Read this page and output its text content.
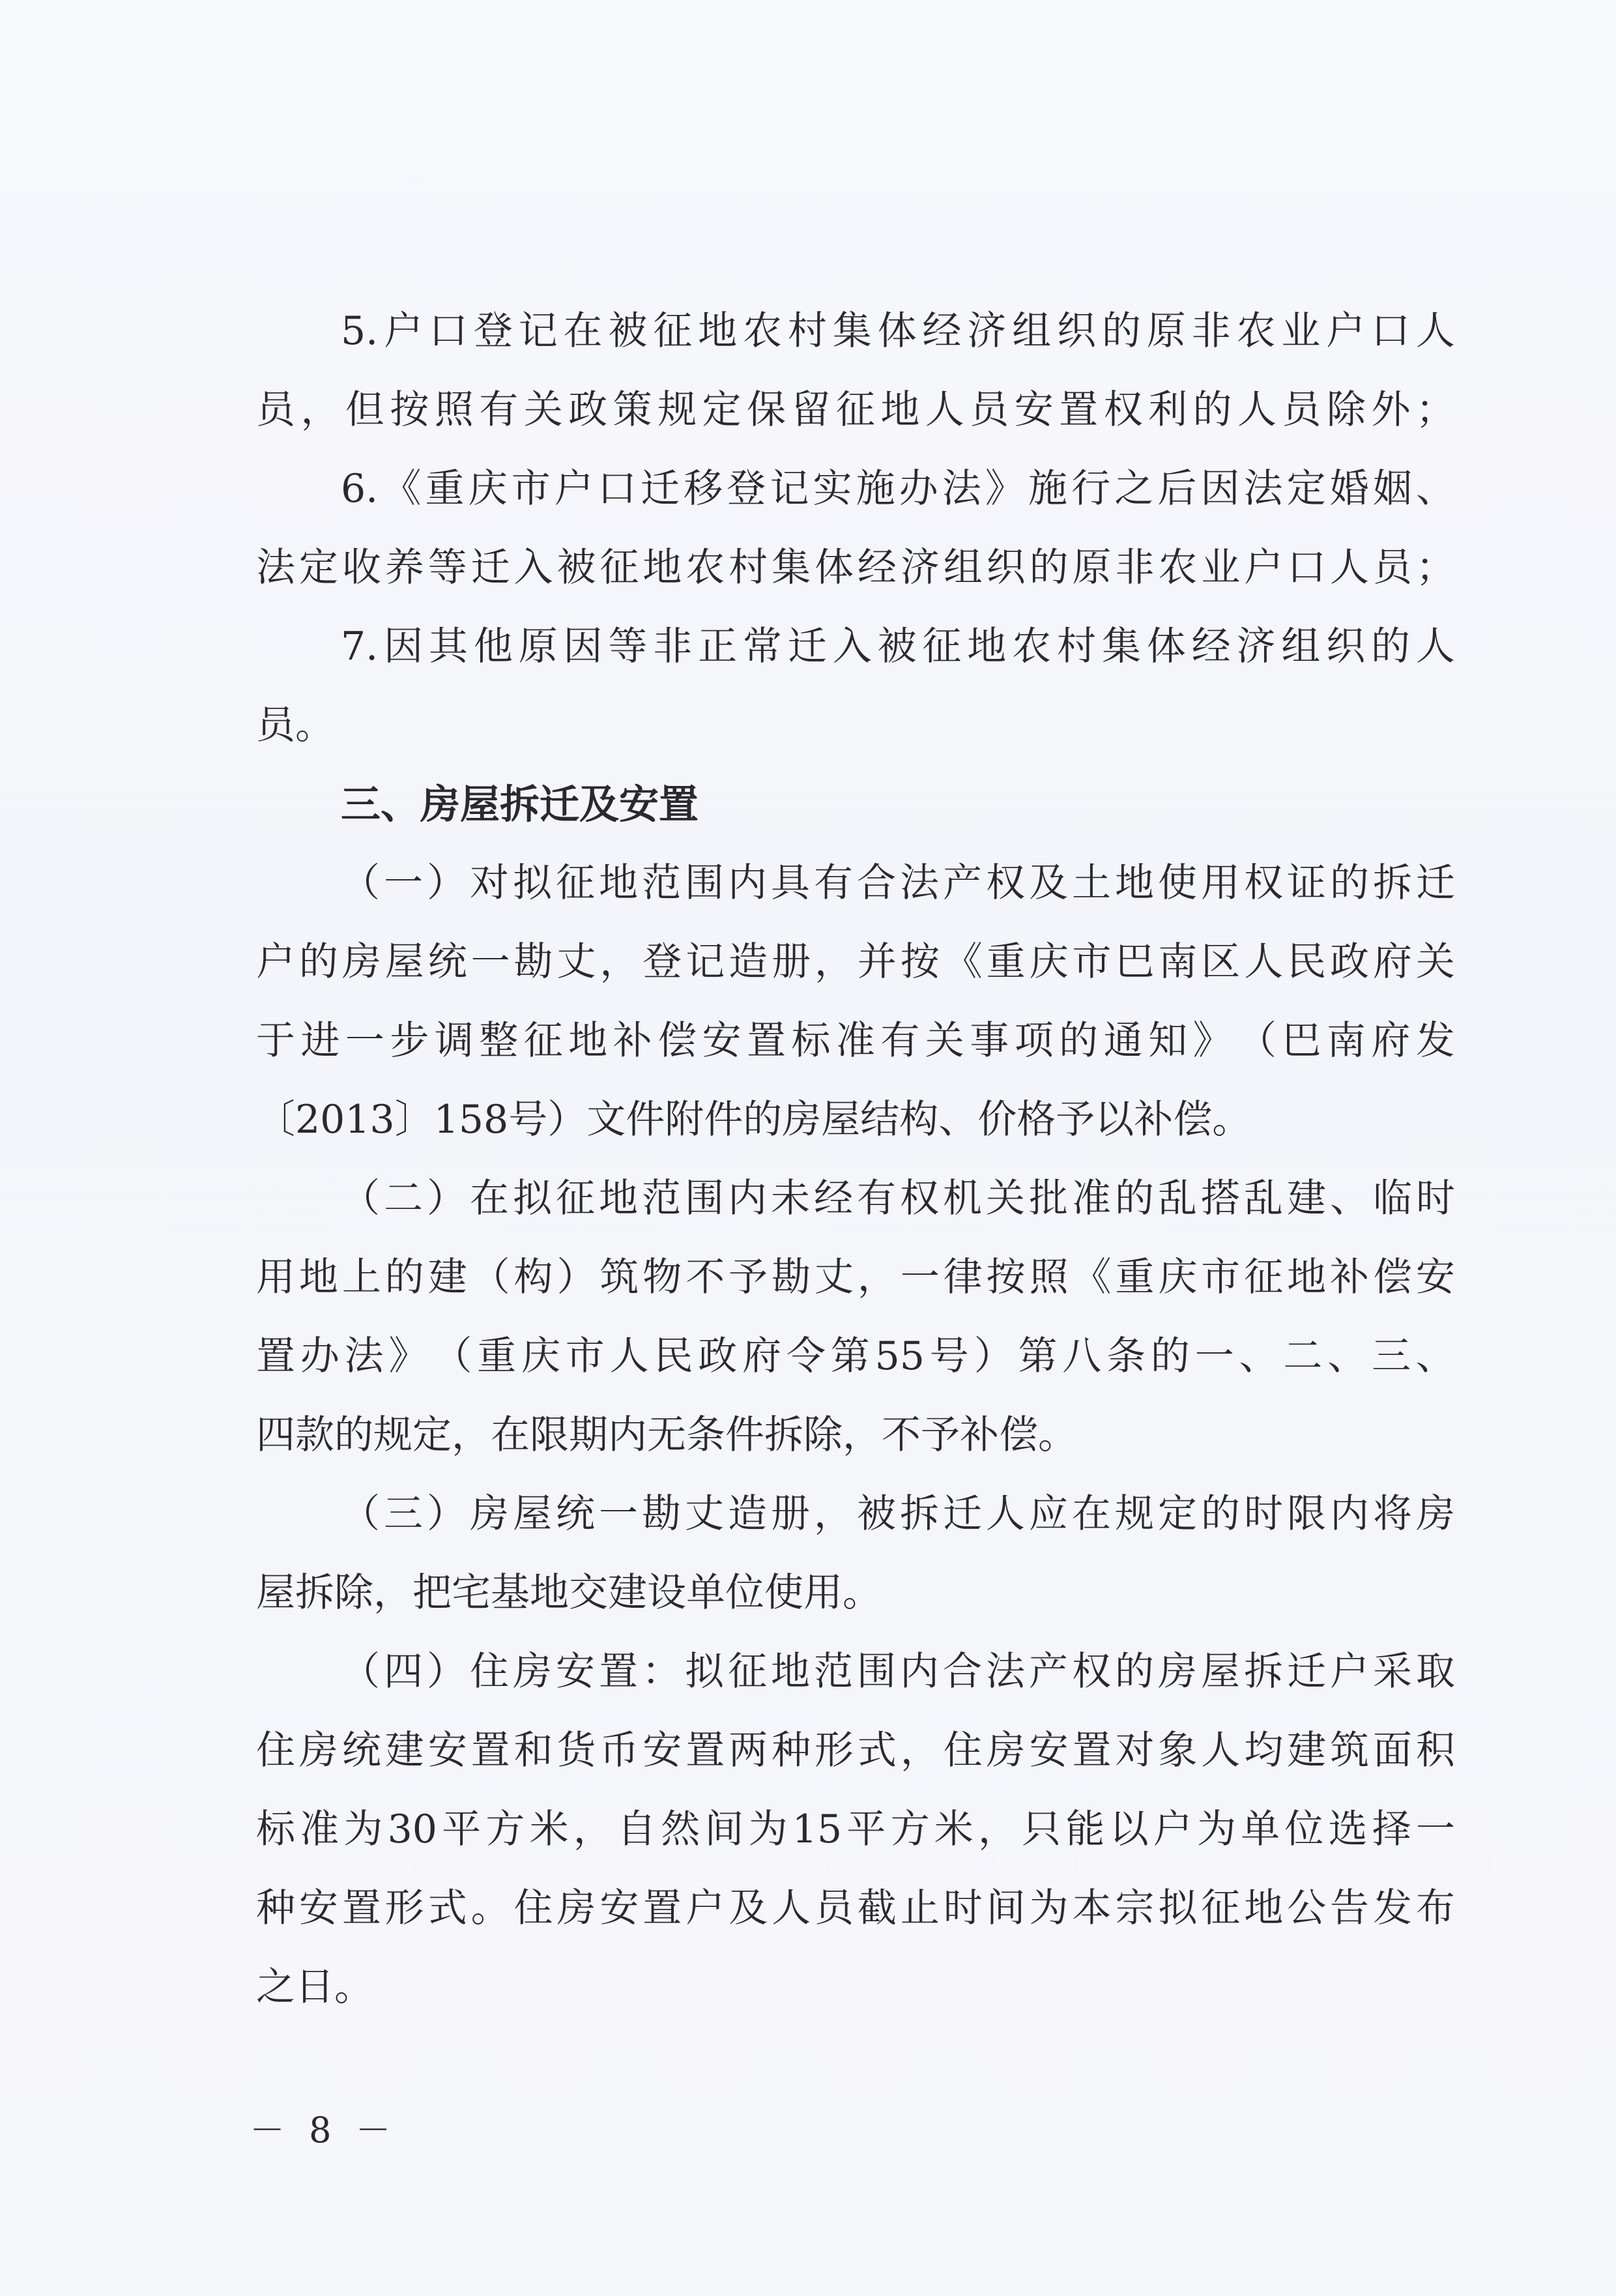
5. 户 口 登 记 在 被 征 地 农 村 集 体 经 济 组 织 的 原 非 农 业 户 口 人
员 ， 但 按 照 有 关 政 策 规 定 保 留 征 地 人 员 安 置 权 利 的 人 员 除 外 ；
6. 《 重 庆 市 户 口 迁 移 登 记 实 施 办 法 》 施 行 之 后 因 法 定 婚 姻 、
法 定 收 养 等 迁 入 被 征 地 农 村 集 体 经 济 组 织 的 原 非 农 业 户 口 人 员 ；
7. 因 其 他 原 因 等 非 正 常 迁 入 被 征 地 农 村 集 体 经 济 组 织 的 人
员。
三、房屋拆迁及安置
（ 一 ） 对 拟 征 地 范 围 内 具 有 合 法 产 权 及 土 地 使 用 权 证 的 拆 迁
户 的 房 屋 统 一 勘 丈 ， 登 记 造 册 ， 并 按 《 重 庆 市 巴 南 区 人 民 政 府 关
于 进 一 步 调 整 征 地 补 偿 安 置 标 准 有 关 事 项 的 通 知 》 （ 巴 南 府 发
〔2013〕158号）文件附件的房屋结构、价格予以补偿。
（ 二 ） 在 拟 征 地 范 围 内 未 经 有 权 机 关 批 准 的 乱 搭 乱 建 、 临 时
用 地 上 的 建 （ 构 ） 筑 物 不 予 勘 丈 ， 一 律 按 照 《 重 庆 市 征 地 补 偿 安
置 办 法 》 （ 重 庆 市 人 民 政 府 令 第 55 号 ） 第 八 条 的 一 、 二 、 三 、
四款的规定，在限期内无条件拆除，不予补偿。
（ 三 ） 房 屋 统 一 勘 丈 造 册 ， 被 拆 迁 人 应 在 规 定 的 时 限 内 将 房
屋拆除，把宅基地交建设单位使用。
（ 四 ） 住 房 安 置 ： 拟 征 地 范 围 内 合 法 产 权 的 房 屋 拆 迁 户 采 取
住 房 统 建 安 置 和 货 币 安 置 两 种 形 式 ， 住 房 安 置 对 象 人 均 建 筑 面 积
标 准 为 30 平 方 米 ， 自 然 间 为 15 平 方 米 ， 只 能 以 户 为 单 位 选 择 一
种 安 置 形 式 。 住 房 安 置 户 及 人 员 截 止 时 间 为 本 宗 拟 征 地 公 告 发 布
之日。
－ 8 －
